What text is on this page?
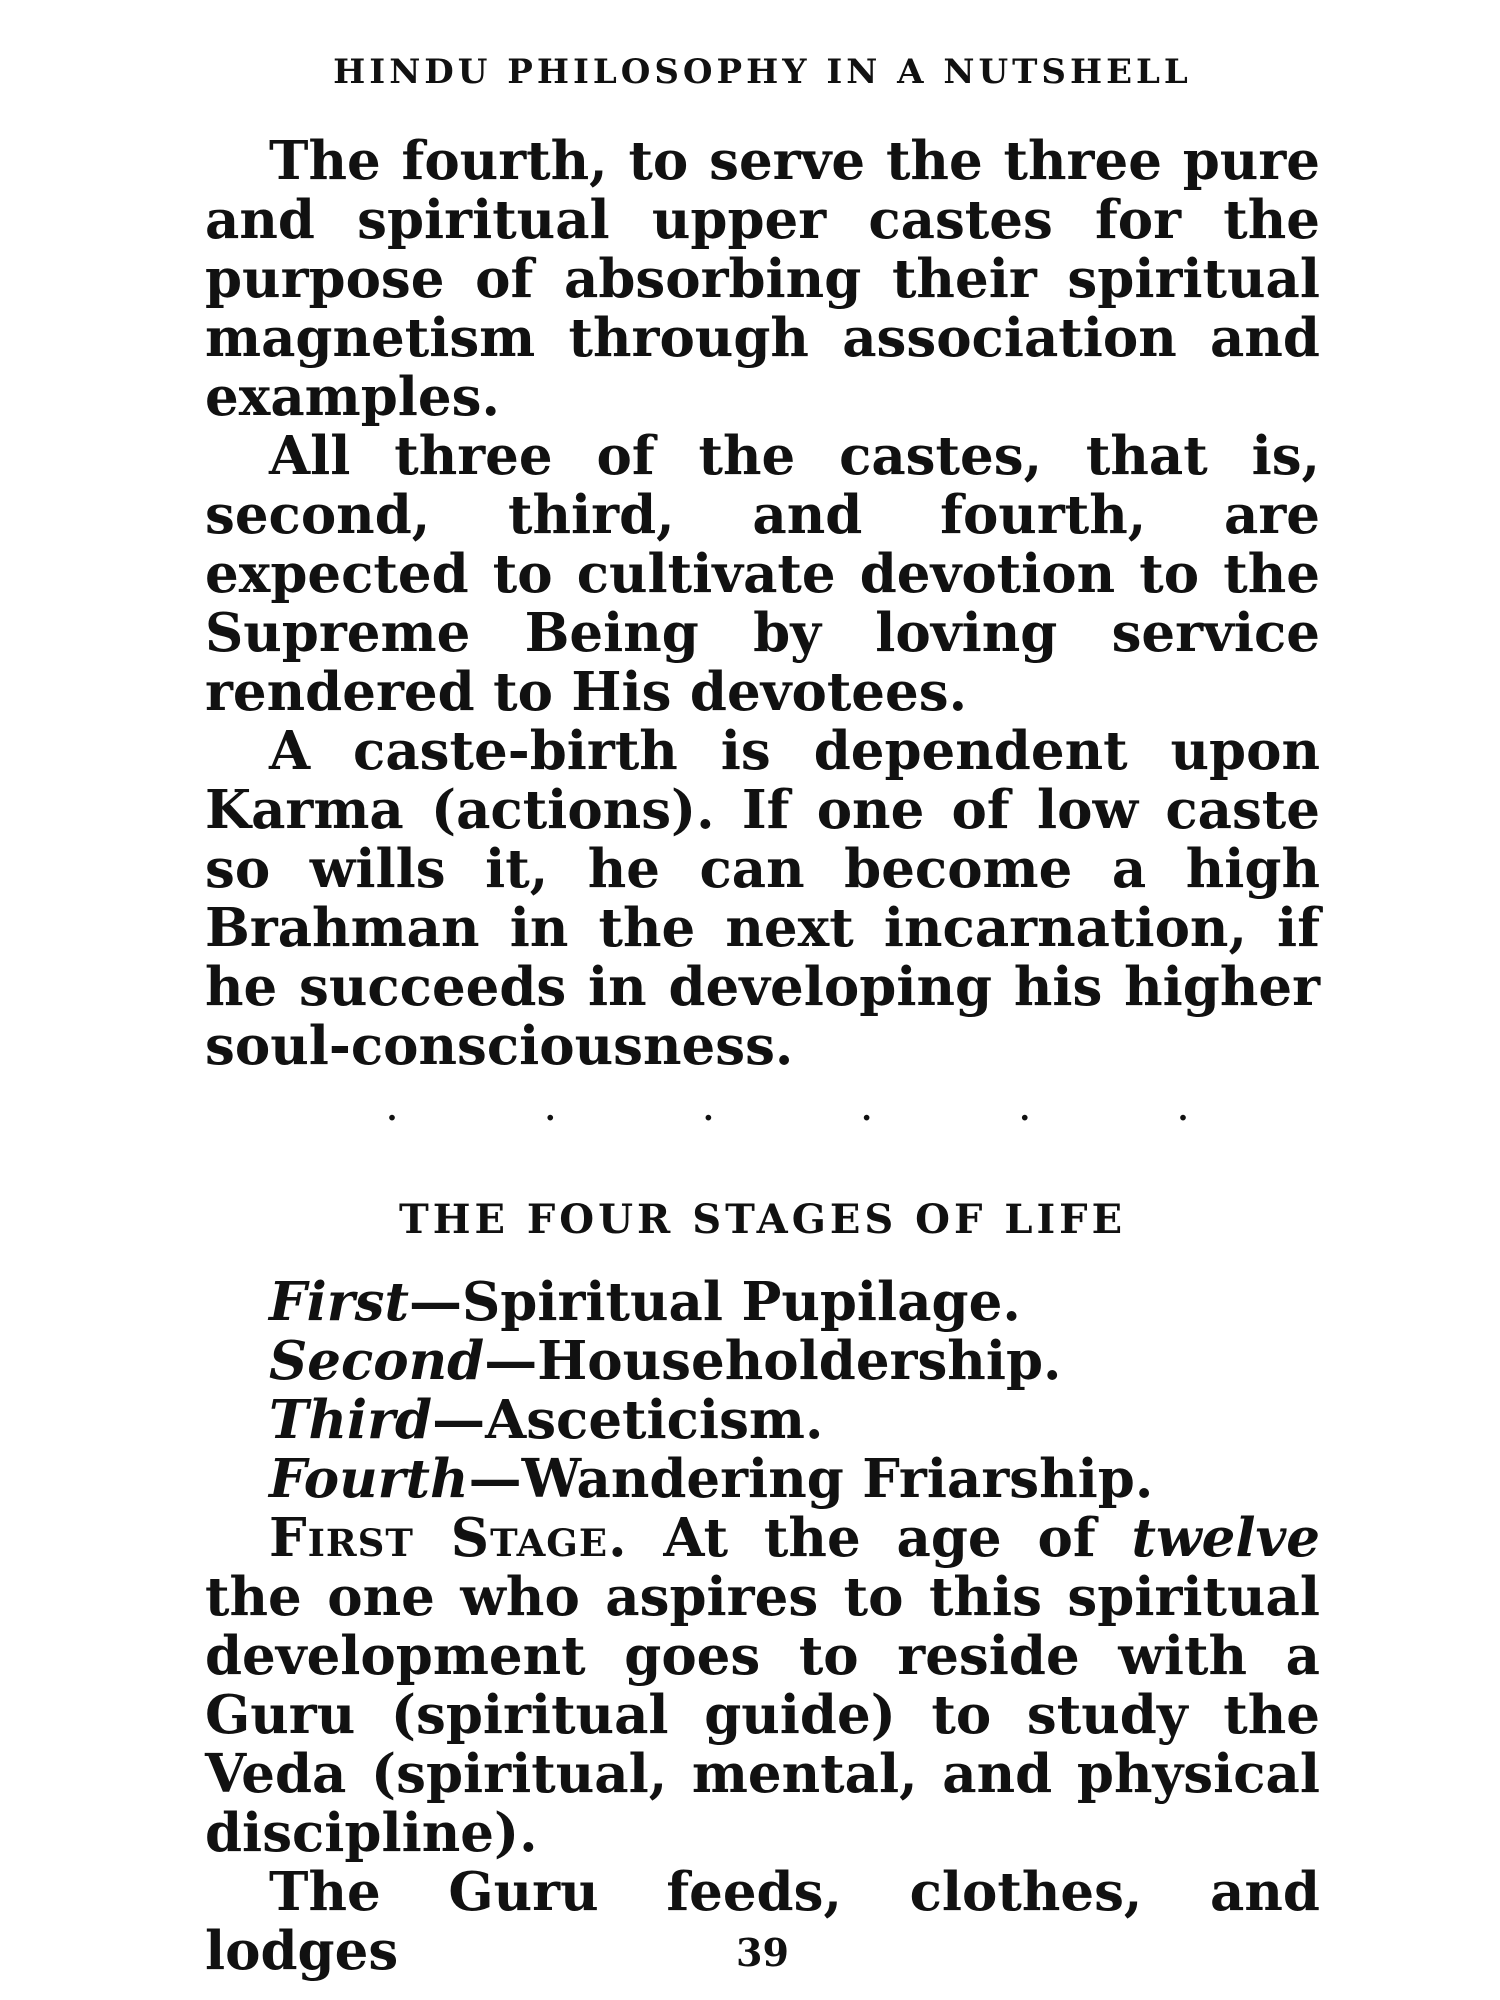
HINDU PHILOSOPHY IN A NUTSHELL

The fourth, to serve the three pure and spiritual upper castes for the purpose of absorbing their spiritual magnetism through association and examples.

All three of the castes, that is, second, third, and fourth, are expected to cultivate devotion to the Supreme Being by loving service rendered to His devotees.

A caste-birth is dependent upon Karma (actions). If one of low caste so wills it, he can become a high Brahman in the next incarnation, if he succeeds in developing his higher soul-consciousness.

.	.	.	.	.	.
THE FOUR STAGES OF LIFE

First—Spiritual Pupilage.

Second—Householdership.

Third—Asceticism.

Fourth—Wandering Friarship.

First Stage. At the age of twelve the one who aspires to this spiritual development goes to reside with a Guru (spiritual guide) to study the Veda (spiritual, mental, and physical discipline).

The Guru feeds, clothes, and lodges	39
